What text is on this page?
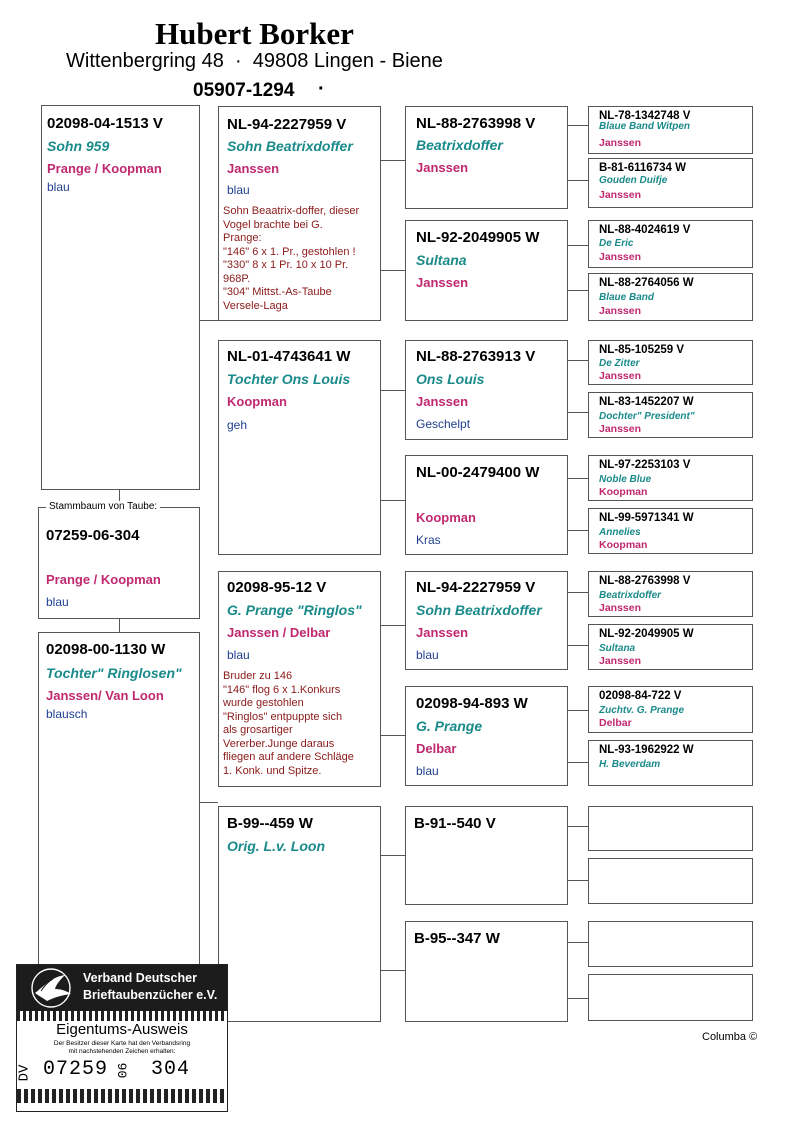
Hubert Borker
Wittenbergring 48  ·  49808 Lingen - Biene
05907-1294 ·
02098-04-1513 V
Sohn 959
Prange / Koopman
blau
07259-06-304
Prange / Koopman
blau
Stammbaum von Taube:
02098-00-1130 W
Tochter" Ringlosen"
Janssen/ Van Loon
blausch
NL-94-2227959 V
Sohn Beatrixdoffer
Janssen
blau
Sohn Beaatrix-doffer, dieser
Vogel brachte bei G.
Prange:
"146" 6 x 1. Pr., gestohlen !
"330" 8 x 1 Pr. 10 x 10 Pr.
968P.
"304" Mittst.-As-Taube
Versele-Laga
NL-01-4743641 W
Tochter Ons Louis
Koopman
geh
02098-95-12 V
G. Prange "Ringlos"
Janssen / Delbar
blau
Bruder zu 146
"146" flog 6 x 1.Konkurs
wurde gestohlen
"Ringlos" entpuppte sich
als grosartiger
Vererber.Junge daraus
fliegen auf andere Schläge
1. Konk. und Spitze.
B-99--459 W
Orig. L.v. Loon
NL-88-2763998 V
Beatrixdoffer
Janssen
NL-92-2049905 W
Sultana
Janssen
NL-88-2763913 V
Ons Louis
Janssen
Geschelpt
NL-00-2479400 W
Koopman
Kras
NL-94-2227959 V
Sohn Beatrixdoffer
Janssen
blau
02098-94-893 W
G. Prange
Delbar
blau
B-91--540 V
B-95--347 W
NL-78-1342748 V
Blaue Band Witpen
Janssen
B-81-6116734 W
Gouden Duifje
Janssen
NL-88-4024619 V
De Eric
Janssen
NL-88-2764056 W
Blaue Band
Janssen
NL-85-105259 V
De Zitter
Janssen
NL-83-1452207 W
Dochter" President"
Janssen
NL-97-2253103 V
Noble Blue
Koopman
NL-99-5971341 W
Annelies
Koopman
NL-88-2763998 V
Beatrixdoffer
Janssen
NL-92-2049905 W
Sultana
Janssen
02098-84-722 V
Zuchtv. G. Prange
Delbar
NL-93-1962922 W
H. Beverdam
Columba ©
Verband Deutscher
Brieftaubenzücher e.V.
Eigentums-Ausweis
Der Besitzer dieser Karte hat den Verbandsring
mit nachstehenden Zeichen erhalten:
DV 07259 06 304
